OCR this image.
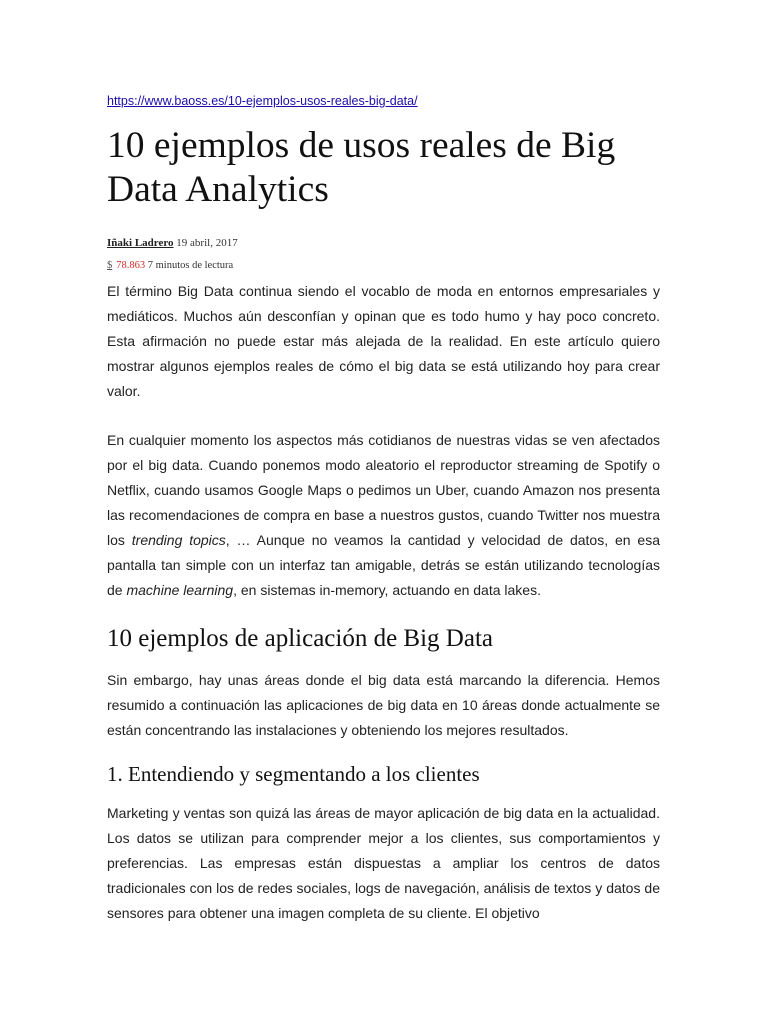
https://www.baoss.es/10-ejemplos-usos-reales-big-data/
10 ejemplos de usos reales de Big Data Analytics
Iñaki Ladrero 19 abril, 2017
$ 78.863 7 minutos de lectura

El término Big Data continua siendo el vocablo de moda en entornos empresariales y mediáticos. Muchos aún desconfían y opinan que es todo humo y hay poco concreto. Esta afirmación no puede estar más alejada de la realidad. En este artículo quiero mostrar algunos ejemplos reales de cómo el big data se está utilizando hoy para crear valor.

En cualquier momento los aspectos más cotidianos de nuestras vidas se ven afectados por el big data. Cuando ponemos modo aleatorio el reproductor streaming de Spotify o Netflix, cuando usamos Google Maps o pedimos un Uber, cuando Amazon nos presenta las recomendaciones de compra en base a nuestros gustos, cuando Twitter nos muestra los trending topics, … Aunque no veamos la cantidad y velocidad de datos, en esa pantalla tan simple con un interfaz tan amigable, detrás se están utilizando tecnologías de machine learning, en sistemas in-memory, actuando en data lakes.

10 ejemplos de aplicación de Big Data

Sin embargo, hay unas áreas donde el big data está marcando la diferencia. Hemos resumido a continuación las aplicaciones de big data en 10 áreas donde actualmente se están concentrando las instalaciones y obteniendo los mejores resultados.

1. Entendiendo y segmentando a los clientes

Marketing y ventas son quizá las áreas de mayor aplicación de big data en la actualidad. Los datos se utilizan para comprender mejor a los clientes, sus comportamientos y preferencias. Las empresas están dispuestas a ampliar los centros de datos tradicionales con los de redes sociales, logs de navegación, análisis de textos y datos de sensores para obtener una imagen completa de su cliente. El objetivo
